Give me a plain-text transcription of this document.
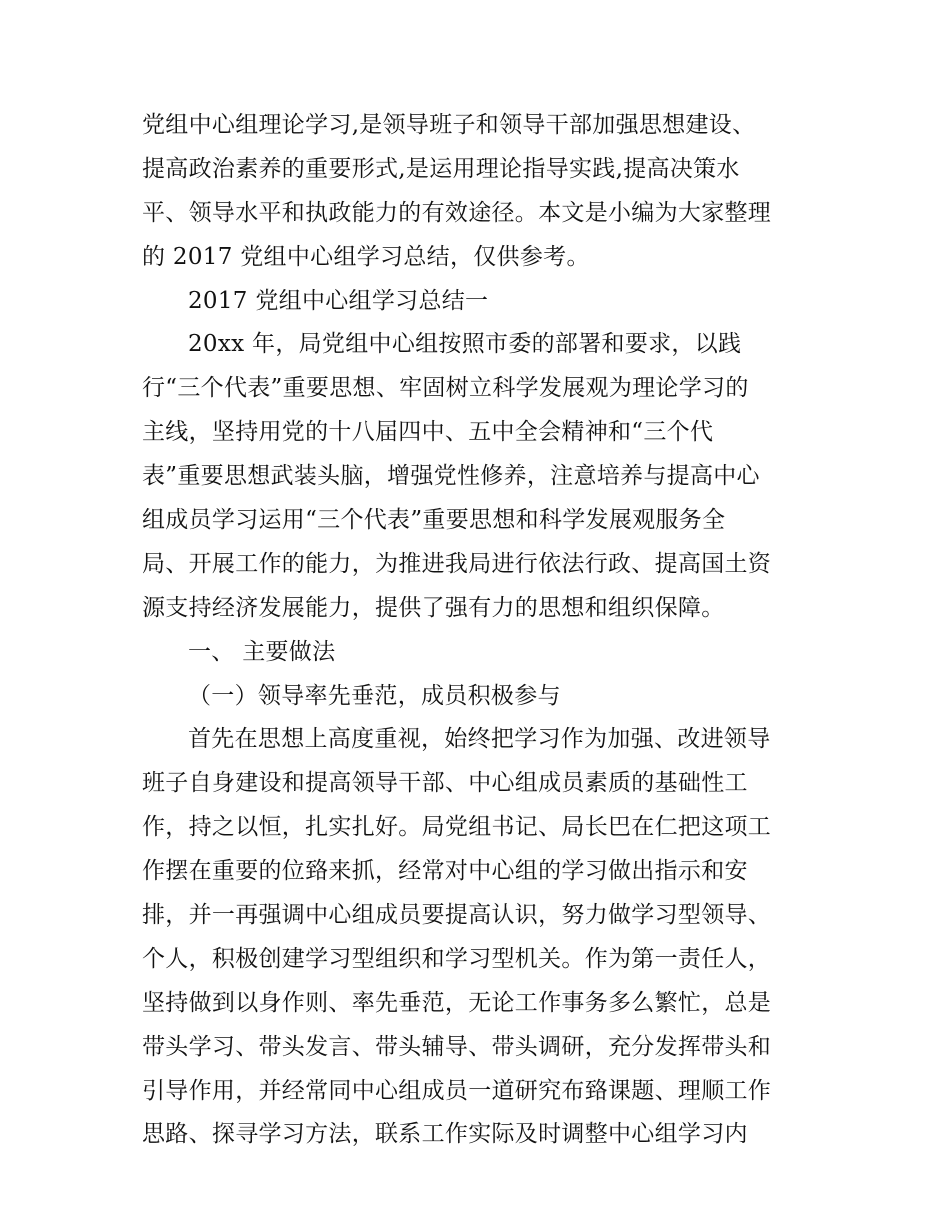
党组中心组理论学习,是领导班子和领导干部加强思想建设、
提高政治素养的重要形式,是运用理论指导实践,提高决策水
平、领导水平和执政能力的有效途径。本文是小编为大家整理
的 2017 党组中心组学习总结，仅供参考。
2017 党组中心组学习总结一
20xx 年，局党组中心组按照市委的部署和要求，以践
行“三个代表”重要思想、牢固树立科学发展观为理论学习的
主线，坚持用党的十八届四中、五中全会精神和“三个代
表”重要思想武装头脑，增强党性修养，注意培养与提高中心
组成员学习运用“三个代表”重要思想和科学发展观服务全
局、开展工作的能力，为推进我局进行依法行政、提高国土资
源支持经济发展能力，提供了强有力的思想和组织保障。
一、 主要做法
（一）领导率先垂范，成员积极参与
首先在思想上高度重视，始终把学习作为加强、改进领导
班子自身建设和提高领导干部、中心组成员素质的基础性工
作，持之以恒，扎实扎好。局党组书记、局长巴在仁把这项工
作摆在重要的位臵来抓，经常对中心组的学习做出指示和安
排，并一再强调中心组成员要提高认识，努力做学习型领导、
个人，积极创建学习型组织和学习型机关。作为第一责任人，
坚持做到以身作则、率先垂范，无论工作事务多么繁忙，总是
带头学习、带头发言、带头辅导、带头调研，充分发挥带头和
引导作用，并经常同中心组成员一道研究布臵课题、理顺工作
思路、探寻学习方法，联系工作实际及时调整中心组学习内
